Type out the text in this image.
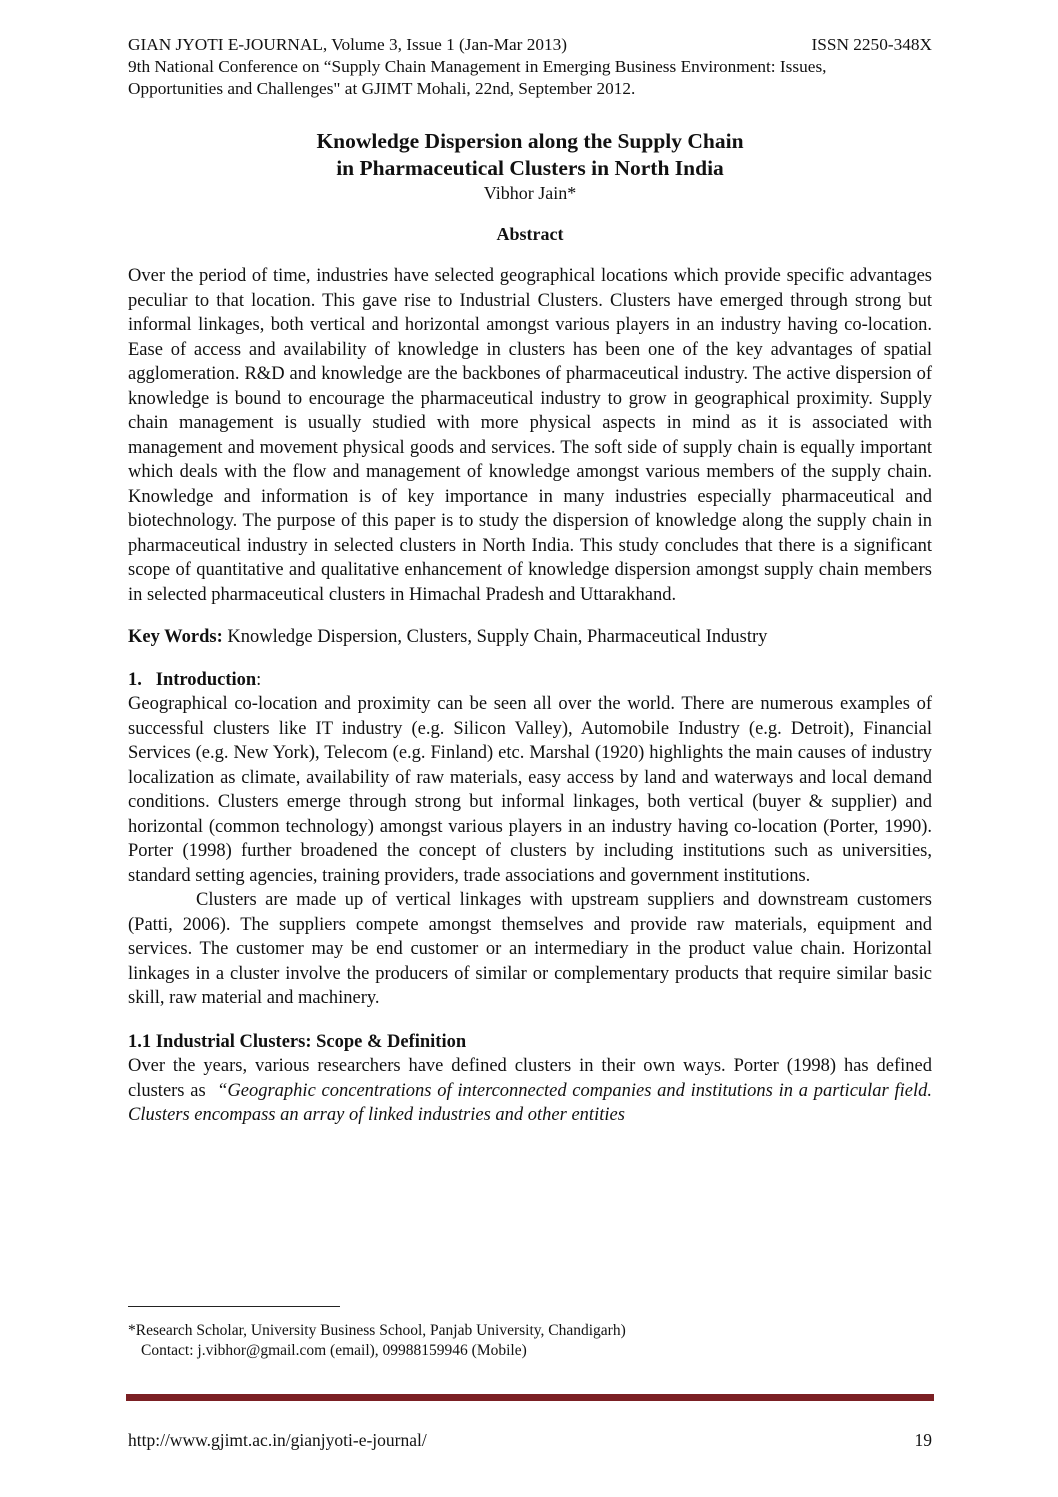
GIAN JYOTI E-JOURNAL, Volume 3, Issue 1 (Jan-Mar 2013)	ISSN 2250-348X
9th National Conference on “Supply Chain Management in Emerging Business Environment: Issues,
Opportunities and Challenges" at GJIMT Mohali, 22nd, September 2012.
Knowledge Dispersion along the Supply Chain
in Pharmaceutical Clusters in North India
Vibhor Jain*
Abstract

Over the period of time, industries have selected geographical locations which provide specific advantages peculiar to that location. This gave rise to Industrial Clusters. Clusters have emerged through strong but informal linkages, both vertical and horizontal amongst various players in an industry having co-location. Ease of access and availability of knowledge in clusters has been one of the key advantages of spatial agglomeration. R&D and knowledge are the backbones of pharmaceutical industry. The active dispersion of knowledge is bound to encourage the pharmaceutical industry to grow in geographical proximity. Supply chain management is usually studied with more physical aspects in mind as it is associated with management and movement physical goods and services. The soft side of supply chain is equally important which deals with the flow and management of knowledge amongst various members of the supply chain. Knowledge and information is of key importance in many industries especially pharmaceutical and biotechnology. The purpose of this paper is to study the dispersion of knowledge along the supply chain in pharmaceutical industry in selected clusters in North India. This study concludes that there is a significant scope of quantitative and qualitative enhancement of knowledge dispersion amongst supply chain members in selected pharmaceutical clusters in Himachal Pradesh and Uttarakhand.

Key Words: Knowledge Dispersion, Clusters, Supply Chain, Pharmaceutical Industry
1.   Introduction:

Geographical co-location and proximity can be seen all over the world. There are numerous examples of successful clusters like IT industry (e.g. Silicon Valley), Automobile Industry (e.g. Detroit), Financial Services (e.g. New York), Telecom (e.g. Finland) etc. Marshal (1920) highlights the main causes of industry localization as climate, availability of raw materials, easy access by land and waterways and local demand conditions. Clusters emerge through strong but informal linkages, both vertical (buyer & supplier) and horizontal (common technology) amongst various players in an industry having co-location (Porter, 1990). Porter (1998) further broadened the concept of clusters by including institutions such as universities, standard setting agencies, training providers, trade associations and government institutions.

Clusters are made up of vertical linkages with upstream suppliers and downstream customers (Patti, 2006). The suppliers compete amongst themselves and provide raw materials, equipment and services. The customer may be end customer or an intermediary in the product value chain. Horizontal linkages in a cluster involve the producers of similar or complementary products that require similar basic skill, raw material and machinery.

1.1 Industrial Clusters: Scope & Definition

Over the years, various researchers have defined clusters in their own ways. Porter (1998) has defined clusters as  “Geographic concentrations of interconnected companies and institutions in a particular field. Clusters encompass an array of linked industries and other entities

*Research Scholar, University Business School, Panjab University, Chandigarh)
Contact: j.vibhor@gmail.com (email), 09988159946 (Mobile)
http://www.gjimt.ac.in/gianjyoti-e-journal/	19
